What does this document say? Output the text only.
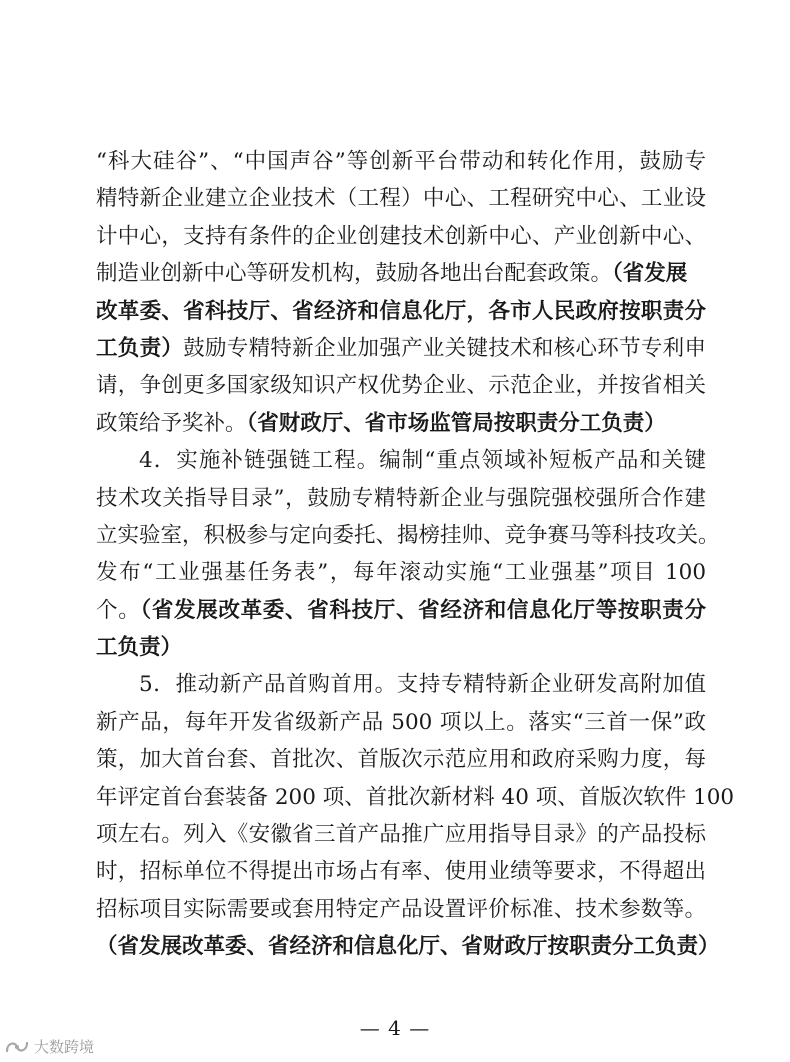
“科大硅谷”、“中国声谷”等创新平台带动和转化作用，鼓励专
精特新企业建立企业技术（工程）中心、工程研究中心、工业设
计中心，支持有条件的企业创建技术创新中心、产业创新中心、
制造业创新中心等研发机构，鼓励各地出台配套政策。（省发展
改革委、省科技厅、省经济和信息化厅，各市人民政府按职责分
工负责）鼓励专精特新企业加强产业关键技术和核心环节专利申
请，争创更多国家级知识产权优势企业、示范企业，并按省相关
政策给予奖补。（省财政厅、省市场监管局按职责分工负责）
4．实施补链强链工程。编制“重点领域补短板产品和关键
技术攻关指导目录”，鼓励专精特新企业与强院强校强所合作建
立实验室，积极参与定向委托、揭榜挂帅、竞争赛马等科技攻关。
发布“工业强基任务表”，每年滚动实施“工业强基”项目 100
个。（省发展改革委、省科技厅、省经济和信息化厅等按职责分
工负责）
5．推动新产品首购首用。支持专精特新企业研发高附加值
新产品，每年开发省级新产品 500 项以上。落实“三首一保”政
策，加大首台套、首批次、首版次示范应用和政府采购力度，每
年评定首台套装备 200 项、首批次新材料 40 项、首版次软件 100
项左右。列入《安徽省三首产品推广应用指导目录》的产品投标
时，招标单位不得提出市场占有率、使用业绩等要求，不得超出
招标项目实际需要或套用特定产品设置评价标准、技术参数等。
（省发展改革委、省经济和信息化厅、省财政厅按职责分工负责）
— 4 —
大数跨境
